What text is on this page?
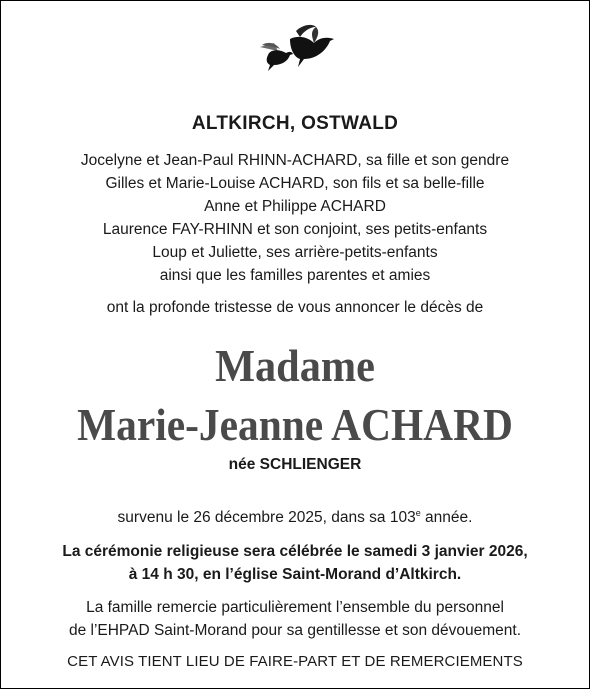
ALTKIRCH, OSTWALD
Jocelyne et Jean-Paul RHINN-ACHARD, sa fille et son gendre
Gilles et Marie-Louise ACHARD, son fils et sa belle-fille
Anne et Philippe ACHARD
Laurence FAY-RHINN et son conjoint, ses petits-enfants
Loup et Juliette, ses arrière-petits-enfants
ainsi que les familles parentes et amies
ont la profonde tristesse de vous annoncer le décès de
Madame
Marie-Jeanne ACHARD
née SCHLIENGER
survenu le 26 décembre 2025, dans sa 103e année.
La cérémonie religieuse sera célébrée le samedi 3 janvier 2026,
à 14 h 30, en l’église Saint-Morand d’Altkirch.
La famille remercie particulièrement l’ensemble du personnel
de l’EHPAD Saint-Morand pour sa gentillesse et son dévouement.
CET AVIS TIENT LIEU DE FAIRE-PART ET DE REMERCIEMENTS
